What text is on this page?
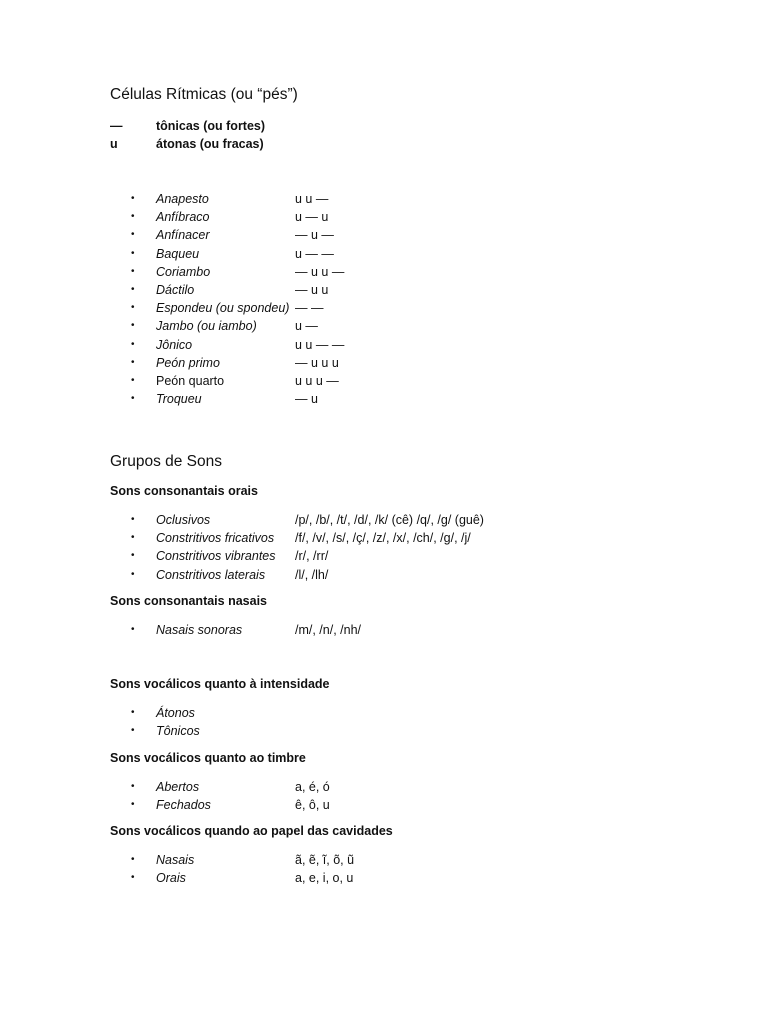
Células Rítmicas (ou “pés”)
—	tônicas (ou fortes)
u	átonas (ou fracas)
• Anapesto	u u —
• Anfíbraco	u — u
• Anfínacer	— u —
• Baqueu	u — —
• Coriambo	— u u —
• Dáctilo	— u u
• Espondeu (ou spondeu) — —
• Jambo (ou iambo)	u —
• Jônico	u u — —
• Peón primo	— u u u
• Peón quarto	u u u —
• Troqueu	— u
Grupos de Sons
Sons consonantais orais
• Oclusivos	/p/, /b/, /t/, /d/, /k/ (cê) /q/, /g/ (guê)
• Constritivos fricativos /f/, /v/, /s/, /ç/, /z/, /x/, /ch/, /g/, /j/
• Constritivos vibrantes /r/, /rr/
• Constritivos laterais /l/, /lh/
Sons consonantais nasais
• Nasais sonoras	/m/, /n/, /nh/
Sons vocálicos quanto à intensidade
• Átonos
• Tônicos
Sons vocálicos quanto ao timbre
• Abertos	a, é, ó
• Fechados	ê, ô, u
Sons vocálicos quando ao papel das cavidades
• Nasais	ã, ẽ, ĩ, õ, ũ
• Orais	a, e, i, o, u
